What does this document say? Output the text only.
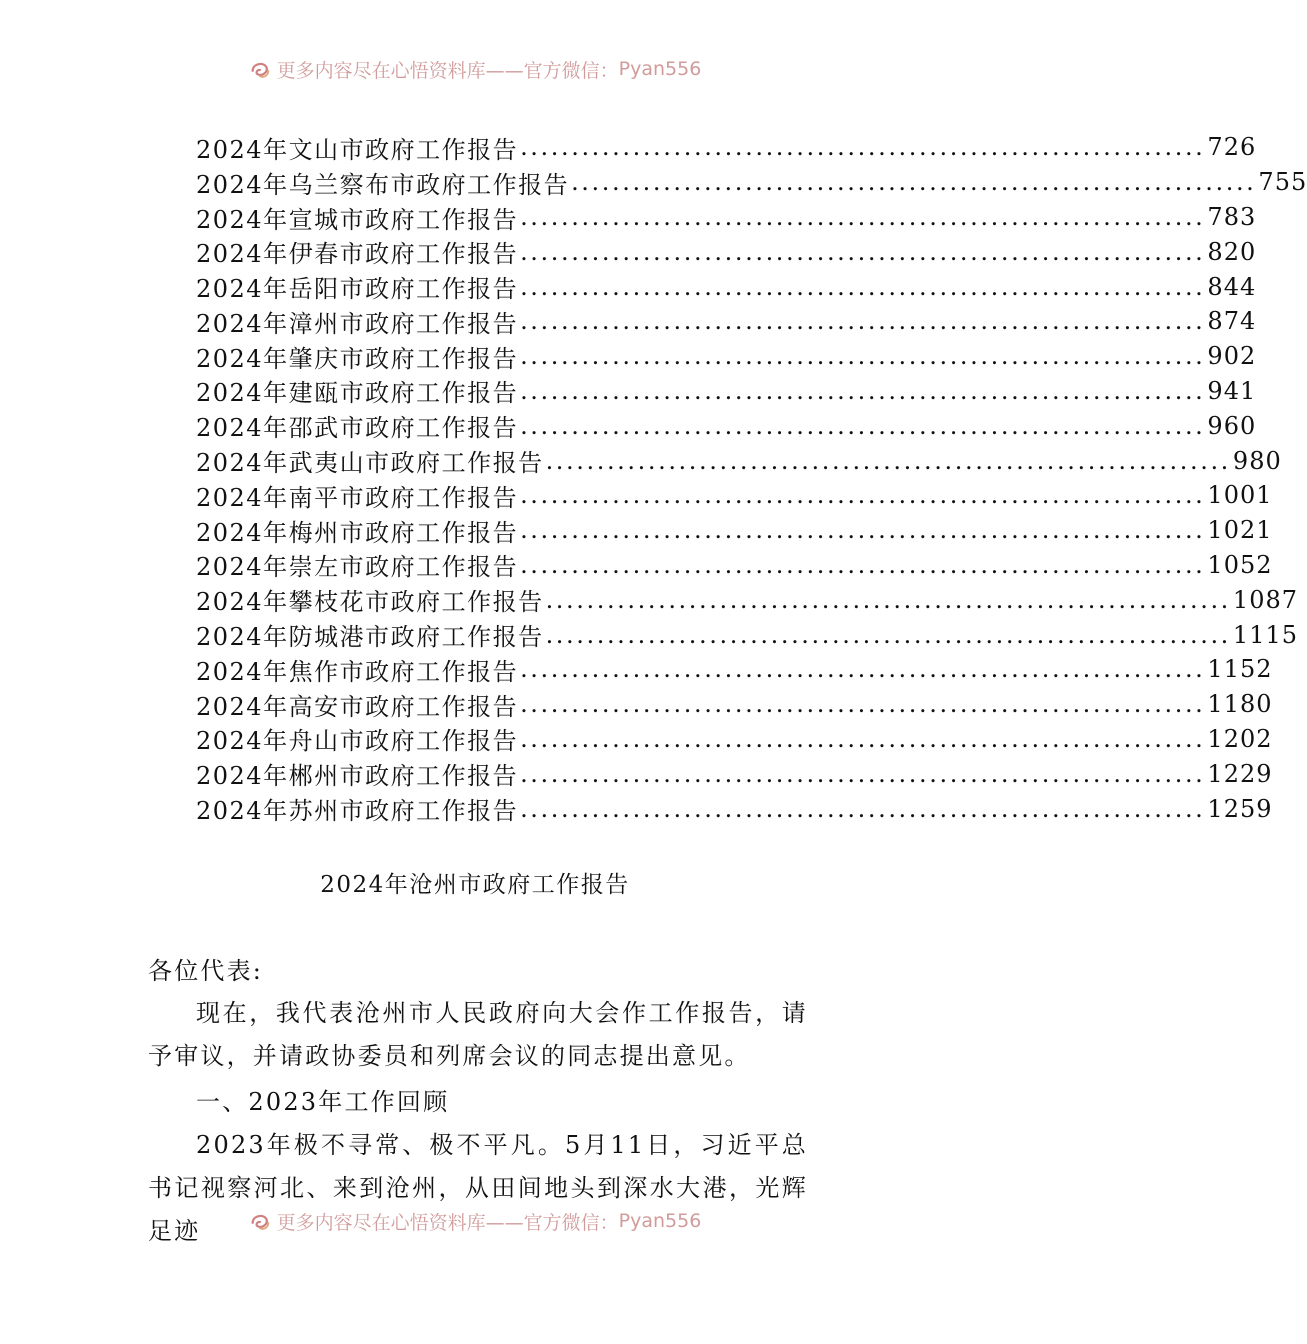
更多内容尽在心悟资料库——官方微信： Pyan556
2024年文山市政府工作报告 ................................................................... 726
2024年乌兰察布市政府工作报告 ................................................................... 755
2024年宣城市政府工作报告 ................................................................... 783
2024年伊春市政府工作报告 ................................................................... 820
2024年岳阳市政府工作报告 ................................................................... 844
2024年漳州市政府工作报告 ................................................................... 874
2024年肇庆市政府工作报告 ................................................................... 902
2024年建瓯市政府工作报告 ................................................................... 941
2024年邵武市政府工作报告 ................................................................... 960
2024年武夷山市政府工作报告 ................................................................... 980
2024年南平市政府工作报告 ................................................................... 1001
2024年梅州市政府工作报告 ................................................................... 1021
2024年崇左市政府工作报告 ................................................................... 1052
2024年攀枝花市政府工作报告 ................................................................... 1087
2024年防城港市政府工作报告 ................................................................... 1115
2024年焦作市政府工作报告 ................................................................... 1152
2024年高安市政府工作报告 ................................................................... 1180
2024年舟山市政府工作报告 ................................................................... 1202
2024年郴州市政府工作报告 ................................................................... 1229
2024年苏州市政府工作报告 ................................................................... 1259
2024年沧州市政府工作报告

各位代表:

现在，我代表沧州市人民政府向大会作工作报告，请予审议，并请政协委员和列席会议的同志提出意见。

一、2023年工作回顾

2023年极不寻常、极不平凡。5月11日，习近平总书记视察河北、来到沧州，从田间地头到深水大港，光辉足迹	更多内容尽在心悟资料库——官方微信： Pyan556
